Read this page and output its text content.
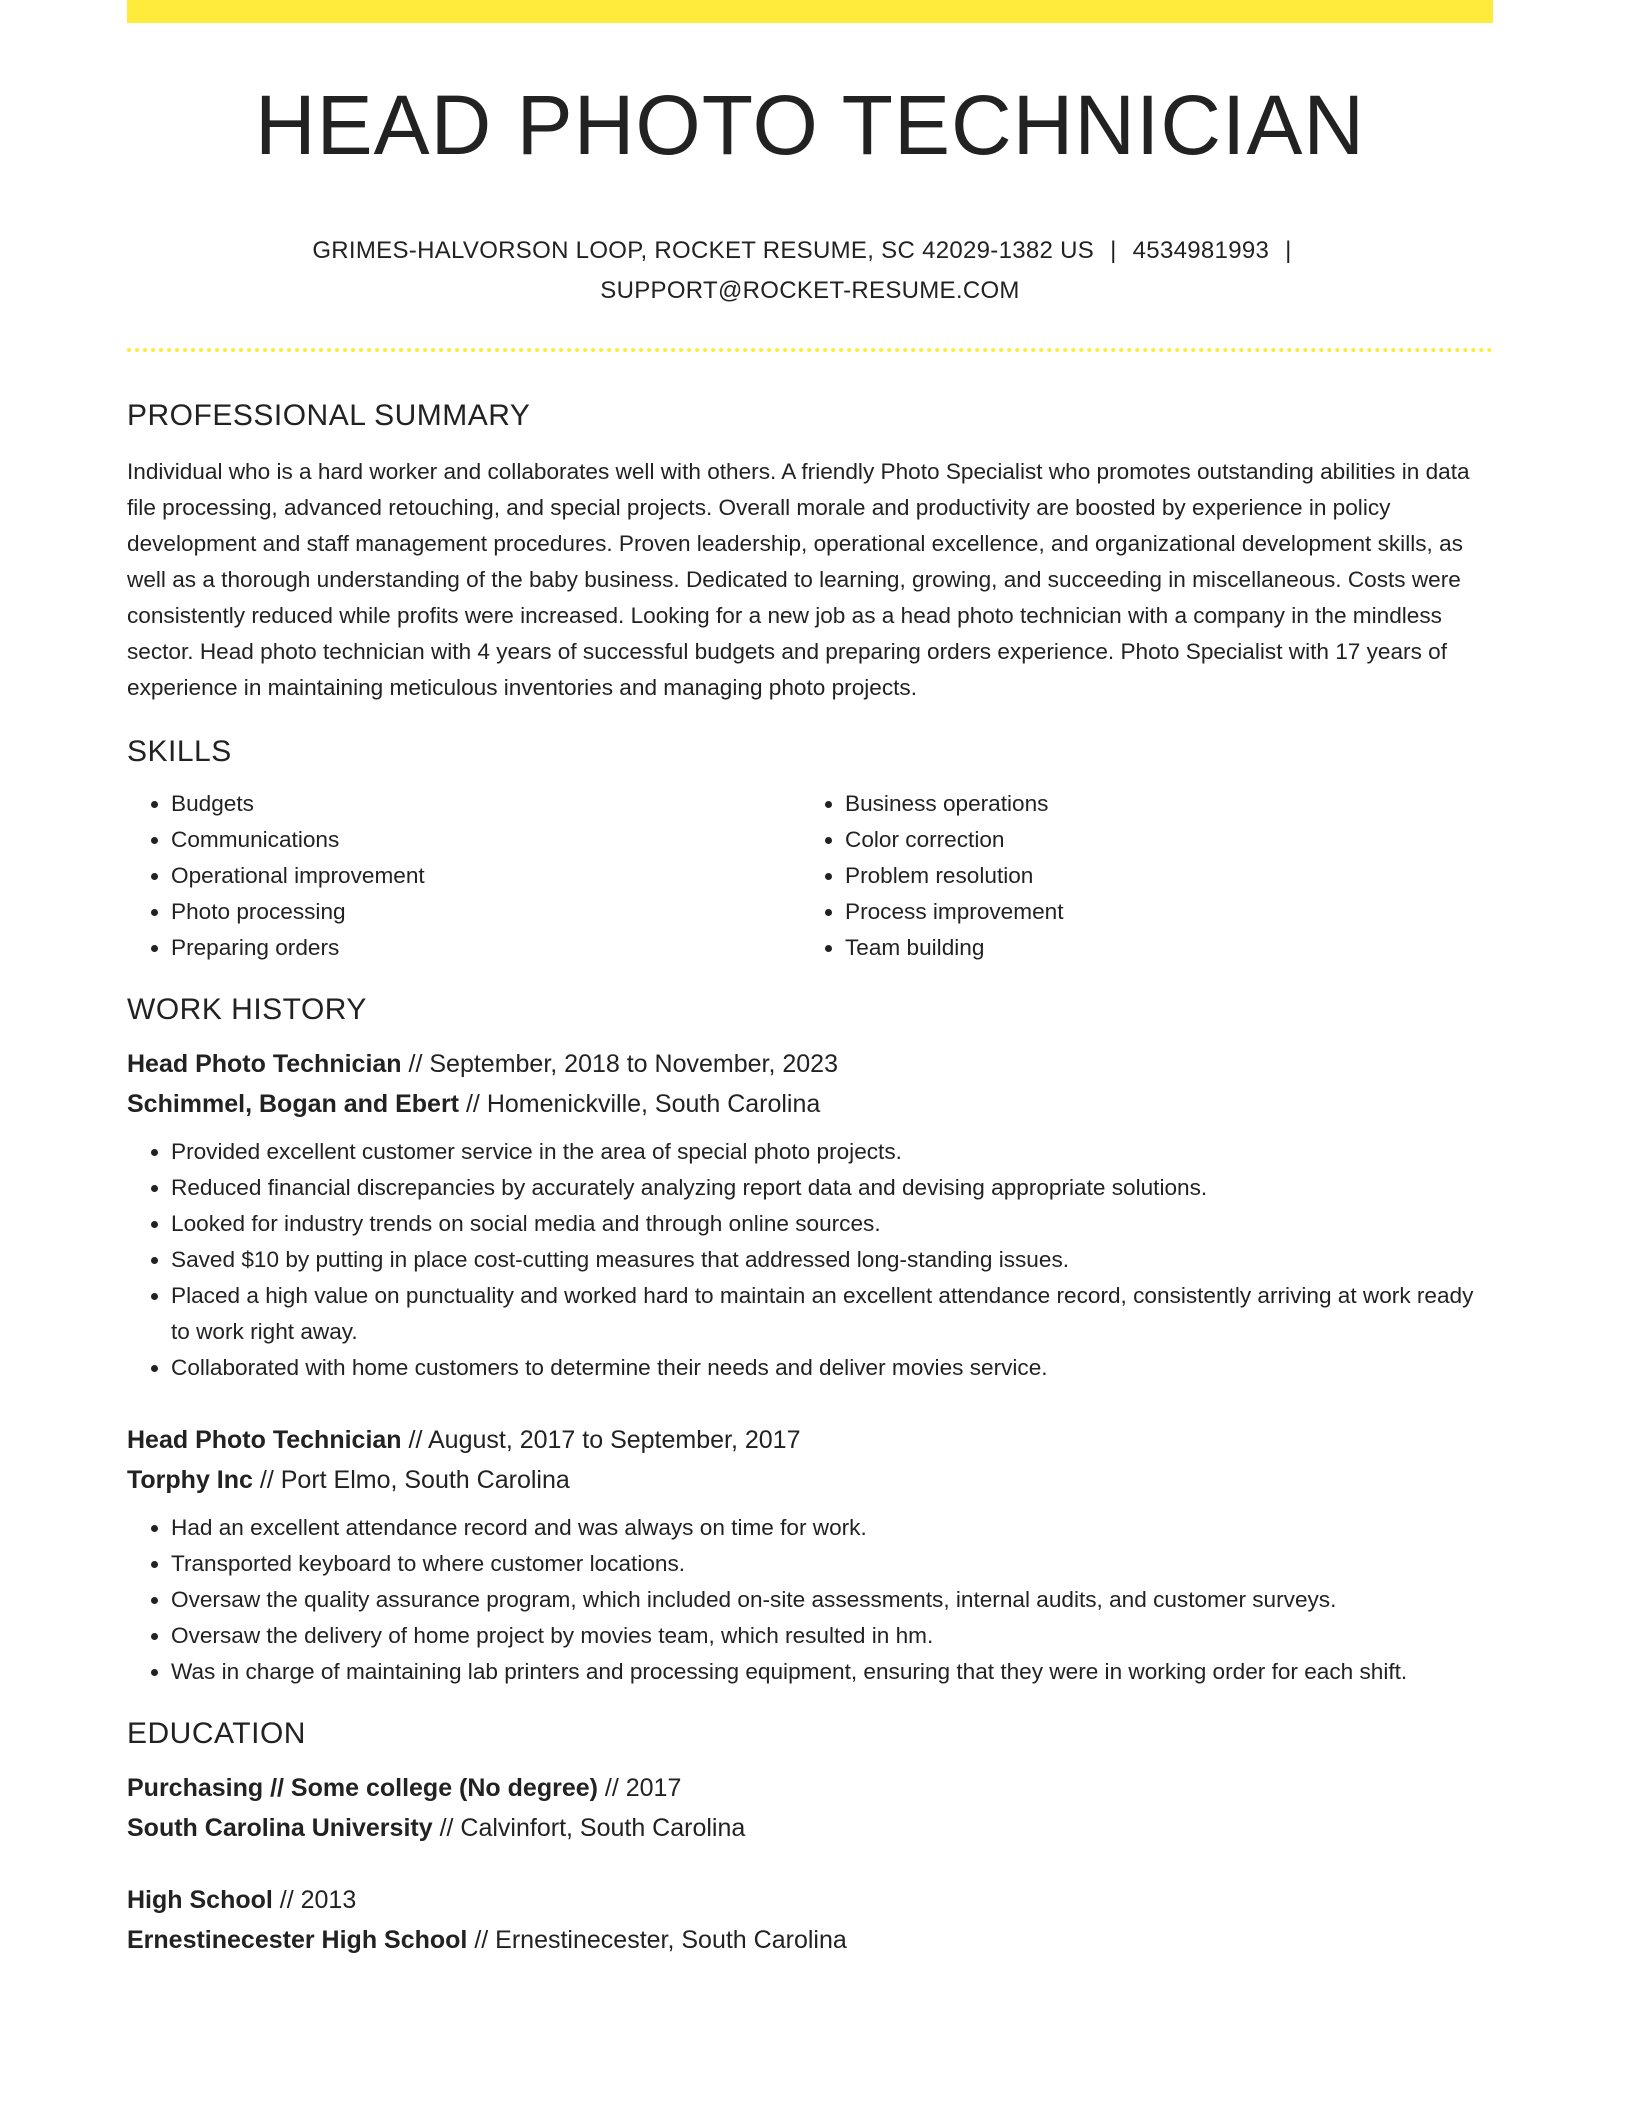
HEAD PHOTO TECHNICIAN
GRIMES-HALVORSON LOOP, ROCKET RESUME, SC 42029-1382 US | 4534981993 |
SUPPORT@ROCKET-RESUME.COM
PROFESSIONAL SUMMARY

Individual who is a hard worker and collaborates well with others. A friendly Photo Specialist who promotes outstanding abilities in data file processing, advanced retouching, and special projects. Overall morale and productivity are boosted by experience in policy development and staff management procedures. Proven leadership, operational excellence, and organizational development skills, as well as a thorough understanding of the baby business. Dedicated to learning, growing, and succeeding in miscellaneous. Costs were consistently reduced while profits were increased. Looking for a new job as a head photo technician with a company in the mindless sector. Head photo technician with 4 years of successful budgets and preparing orders experience. Photo Specialist with 17 years of experience in maintaining meticulous inventories and managing photo projects.

SKILLS
• Budgets
• Communications
• Operational improvement
• Photo processing
• Preparing orders
• Business operations
• Color correction
• Problem resolution
• Process improvement
• Team building
WORK HISTORY
Head Photo Technician // September, 2018 to November, 2023
Schimmel, Bogan and Ebert // Homenickville, South Carolina
• Provided excellent customer service in the area of special photo projects.
• Reduced financial discrepancies by accurately analyzing report data and devising appropriate solutions.
• Looked for industry trends on social media and through online sources.
• Saved $10 by putting in place cost-cutting measures that addressed long-standing issues.
• Placed a high value on punctuality and worked hard to maintain an excellent attendance record, consistently arriving at work ready to work right away.
• Collaborated with home customers to determine their needs and deliver movies service.
Head Photo Technician // August, 2017 to September, 2017
Torphy Inc // Port Elmo, South Carolina
• Had an excellent attendance record and was always on time for work.
• Transported keyboard to where customer locations.
• Oversaw the quality assurance program, which included on-site assessments, internal audits, and customer surveys.
• Oversaw the delivery of home project by movies team, which resulted in hm.
• Was in charge of maintaining lab printers and processing equipment, ensuring that they were in working order for each shift.
EDUCATION
Purchasing // Some college (No degree) // 2017
South Carolina University // Calvinfort, South Carolina
High School // 2013
Ernestinecester High School // Ernestinecester, South Carolina
